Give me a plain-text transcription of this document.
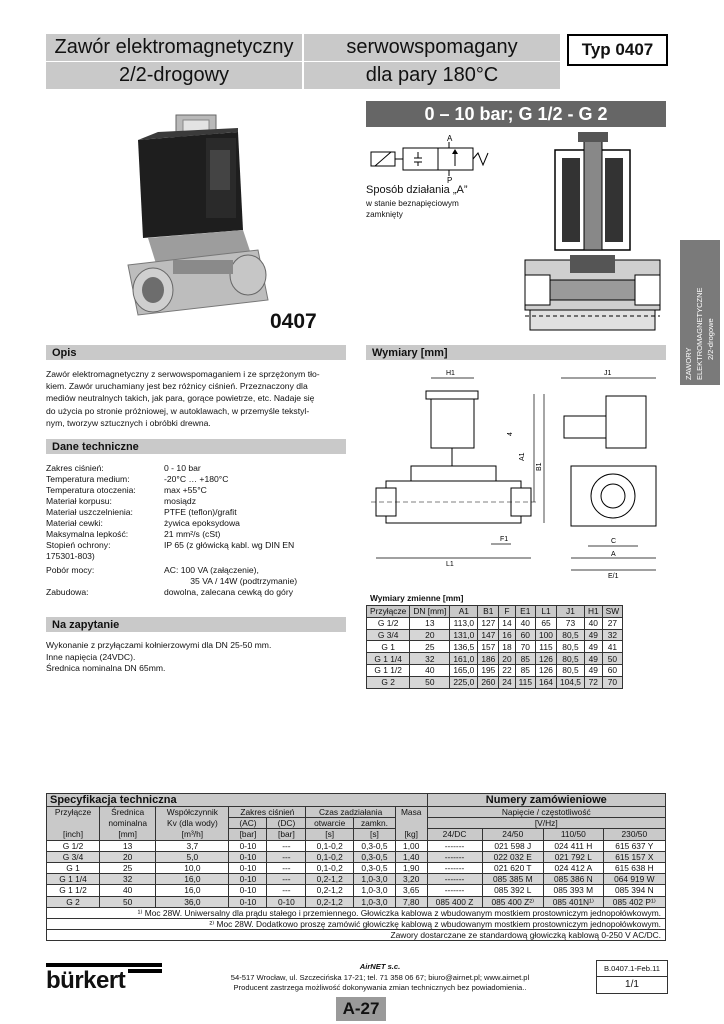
Zawór elektromagnetyczny
2/2-drogowy
serwowspomagany
dla pary 180°C
Typ 0407
0 – 10 bar; G 1/2 - G 2
0407
A
P
Sposób działania „A”
w stanie beznapięciowym
zamknięty
ZAWORY ELEKTROMAGNETYCZNE 2/2-drogowe
Opis
Zawór elektromagnetyczny z serwowspomaganiem i ze sprzężonym tło-
kiem. Zawór uruchamiany jest bez różnicy ciśnień. Przeznaczony dla
mediów neutralnych takich, jak para, gorące powietrze, etc. Nadaje się
do użycia po stronie próżniowej, w autoklawach, w przemyśle tekstyl-
nym, tworzyw sztucznych i obróbki drewna.
Dane techniczne
Zakres ciśnień:	0 - 10 bar
Temperatura medium:	-20°C … +180°C
Temperatura otoczenia:	max +55°C
Materiał korpusu:	mosiądz
Materiał uszczelnienia:	PTFE (teflon)/grafit
Materiał cewki:	żywica epoksydowa
Maksymalna lepkość:	21 mm²/s (cSt)
Stopień ochrony:	IP 65 (z główicką kabl. wg DIN EN
175301-803)
Pobór mocy:	AC: 100 VA (załączenie),
35 VA / 14W (podtrzymanie)
Zabudowa:	dowolna, zalecana cewką do góry
Na zapytanie
Wykonanie z przyłączami kołnierzowymi dla DN 25-50 mm.
Inne napięcia (24VDC).
Średnica nominalna DN 65mm.
Wymiary [mm]
H1
L1
F1
A1
B1
4
J1
C
A
E/1
Wymiary zmienne [mm]
Przyłącze	DN [mm]	A1	B1	F	E1	L1	J1	H1	SW
G 1/2	13	113,0	127	14	40	65	73	40	27
G 3/4	20	131,0	147	16	60	100	80,5	49	32
G 1	25	136,5	157	18	70	115	80,5	49	41
G 1 1/4	32	161,0	186	20	85	126	80,5	49	50
G 1 1/2	40	165,0	195	22	85	126	80,5	49	60
G 2	50	225,0	260	24	115	164	104,5	72	70
Specyfikacja techniczna								Numery zamówieniowe			
Przyłącze	Średnica	Współczynnik	Zakres ciśnień		Czas zadziałania		Masa	Napięcie / częstotliwość			
	nominalna	Kv (dla wody)	(AC)	(DC)	otwarcie	zamkn.		[V/Hz]			
[inch]	[mm]	[m³/h]	[bar]	[bar]	[s]	[s]	[kg]	24/DC	24/50	110/50	230/50
G 1/2	13	3,7	0-10	---	0,1-0,2	0,3-0,5	1,00	-------	021 598 J	024 411 H	615 637 Y
G 3/4	20	5,0	0-10	---	0,1-0,2	0,3-0,5	1,40	-------	022 032 E	021 792 L	615 157 X
G 1	25	10,0	0-10	---	0,1-0,2	0,3-0,5	1,90	-------	021 620 T	024 412 A	615 638 H
G 1 1/4	32	16,0	0-10	---	0,2-1,2	1,0-3,0	3,20	-------	085 385 M	085 386 N	064 919 W
G 1 1/2	40	16,0	0-10	---	0,2-1,2	1,0-3,0	3,65	-------	085 392 L	085 393 M	085 394 N
G 2	50	36,0	0-10	0-10	0,2-1,2	1,0-3,0	7,80	085 400 Z	085 400 Z²⁾	085 401N¹⁾	085 402 P¹⁾
¹⁾ Moc 28W. Uniwersalny dla prądu stałego i przemiennego. Głowiczka kablowa z wbudowanym mostkiem prostowniczym jednopołówkowym.											
²⁾ Moc 28W. Dodatkowo proszę zamówić głowiczkę kablową z wbudowanym mostkiem prostowniczym jednopołówkowym.											
Zawory dostarczane ze standardową głowiczką kablową 0-250 V AC/DC.											
bürkert
AirNET s.c.
54-517 Wrocław, ul. Szczecińska 17-21; tel. 71 358 06 67; biuro@airnet.pl; www.airnet.pl
Producent zastrzega możliwość dokonywania zmian technicznych bez powiadomienia..
B.0407.1-Feb.11
1/1
A-27
